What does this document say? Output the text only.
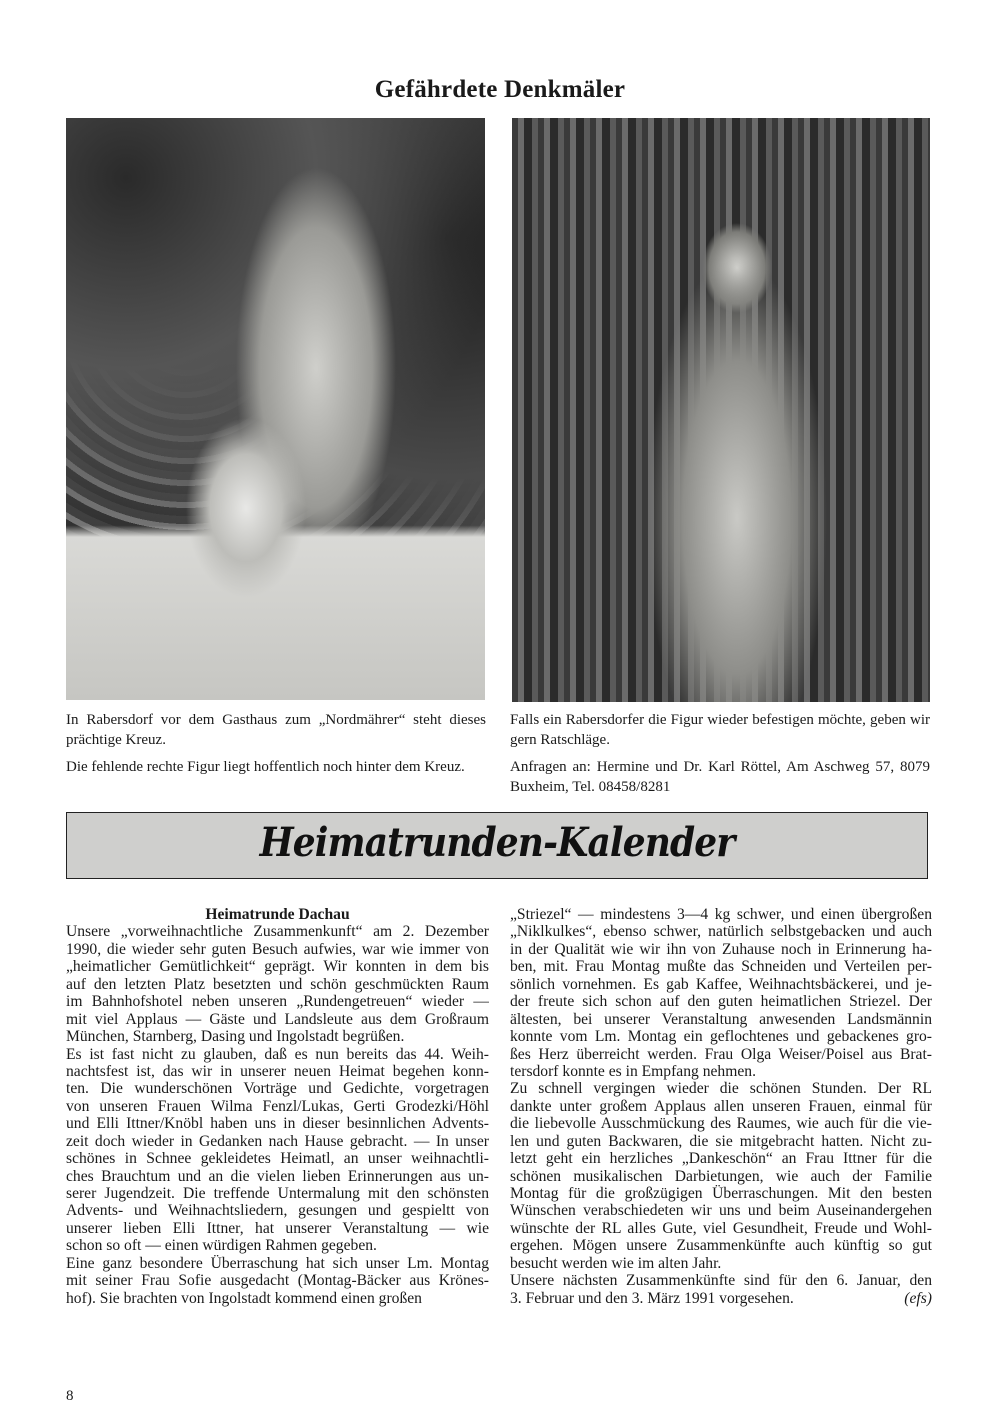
Gefährdete Denkmäler

In Rabersdorf vor dem Gasthaus zum „Nordmährer“ steht dieses prächtige Kreuz.

Die fehlende rechte Figur liegt hoffentlich noch hinter dem Kreuz.

Falls ein Rabersdorfer die Figur wieder befestigen möchte, geben wir gern Ratschläge.

Anfragen an: Hermine und Dr. Karl Röttel, Am Aschweg 57, 8079 Buxheim, Tel. 08458/8281

Heimatrunden-Kalender
Heimatrunde Dachau
Unsere „vorweihnachtliche Zusammenkunft“ am 2. Dezember
1990, die wieder sehr guten Besuch aufwies, war wie immer von
„heimatlicher Gemütlichkeit“ geprägt. Wir konnten in dem bis
auf den letzten Platz besetzten und schön geschmückten Raum
im Bahnhofshotel neben unseren „Rundengetreuen“ wieder —
mit viel Applaus — Gäste und Landsleute aus dem Großraum
München, Starnberg, Dasing und Ingolstadt begrüßen.
Es ist fast nicht zu glauben, daß es nun bereits das 44. Weih-
nachtsfest ist, das wir in unserer neuen Heimat begehen konn-
ten. Die wunderschönen Vorträge und Gedichte, vorgetragen
von unseren Frauen Wilma Fenzl/Lukas, Gerti Grodezki/Höhl
und Elli Ittner/Knöbl haben uns in dieser besinnlichen Advents-
zeit doch wieder in Gedanken nach Hause gebracht. — In unser
schönes in Schnee gekleidetes Heimatl, an unser weihnachtli-
ches Brauchtum und an die vielen lieben Erinnerungen aus un-
serer Jugendzeit. Die treffende Untermalung mit den schönsten
Advents- und Weihnachtsliedern, gesungen und gespieltt von
unserer lieben Elli Ittner, hat unserer Veranstaltung — wie
schon so oft — einen würdigen Rahmen gegeben.
Eine ganz besondere Überraschung hat sich unser Lm. Montag
mit seiner Frau Sofie ausgedacht (Montag-Bäcker aus Krönes-
hof). Sie brachten von Ingolstadt kommend einen großen
„Striezel“ — mindestens 3—4 kg schwer, und einen übergroßen
„Niklkulkes“, ebenso schwer, natürlich selbstgebacken und auch
in der Qualität wie wir ihn von Zuhause noch in Erinnerung ha-
ben, mit. Frau Montag mußte das Schneiden und Verteilen per-
sönlich vornehmen. Es gab Kaffee, Weihnachtsbäckerei, und je-
der freute sich schon auf den guten heimatlichen Striezel. Der
ältesten, bei unserer Veranstaltung anwesenden Landsmännin
konnte vom Lm. Montag ein geflochtenes und gebackenes gro-
ßes Herz überreicht werden. Frau Olga Weiser/Poisel aus Brat-
tersdorf konnte es in Empfang nehmen.
Zu schnell vergingen wieder die schönen Stunden. Der RL
dankte unter großem Applaus allen unseren Frauen, einmal für
die liebevolle Ausschmückung des Raumes, wie auch für die vie-
len und guten Backwaren, die sie mitgebracht hatten. Nicht zu-
letzt geht ein herzliches „Dankeschön“ an Frau Ittner für die
schönen musikalischen Darbietungen, wie auch der Familie
Montag für die großzügigen Überraschungen. Mit den besten
Wünschen verabschiedeten wir uns und beim Auseinandergehen
wünschte der RL alles Gute, viel Gesundheit, Freude und Wohl-
ergehen. Mögen unsere Zusammenkünfte auch künftig so gut
besucht werden wie im alten Jahr.
Unsere nächsten Zusammenkünfte sind für den 6. Januar, den
3. Februar und den 3. März 1991 vorgesehen.	(efs)
8
